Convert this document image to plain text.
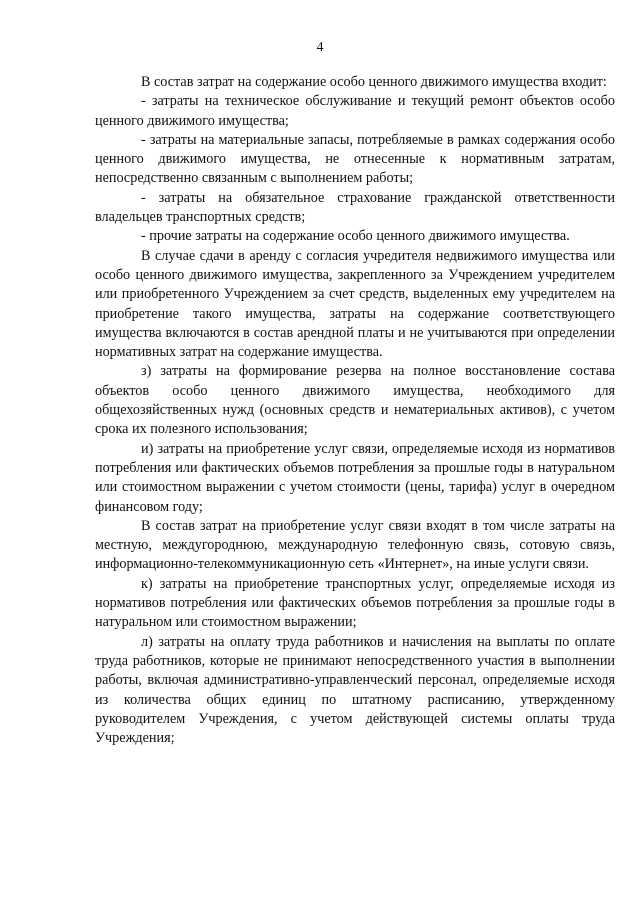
4

В состав затрат на содержание особо ценного движимого имущества входит:

- затраты на техническое обслуживание и текущий ремонт объектов особо ценного движимого имущества;

- затраты на материальные запасы, потребляемые в рамках содержания особо ценного движимого имущества, не отнесенные к нормативным затратам, непосредственно связанным с выполнением работы;

- затраты на обязательное страхование гражданской ответственности владельцев транспортных средств;

- прочие затраты на содержание особо ценного движимого имущества.

В случае сдачи в аренду с согласия учредителя недвижимого имущества или особо ценного движимого имущества, закрепленного за Учреждением учредителем или приобретенного Учреждением за счет средств, выделенных ему учредителем на приобретение такого имущества, затраты на содержание соответствующего имущества включаются в состав арендной платы и не учитываются при определении нормативных затрат на содержание имущества.

з) затраты на формирование резерва на полное восстановление состава объектов особо ценного движимого имущества, необходимого для общехозяйственных нужд (основных средств и нематериальных активов), с учетом срока их полезного использования;

и) затраты на приобретение услуг связи, определяемые исходя из нормативов потребления или фактических объемов потребления за прошлые годы в натуральном или стоимостном выражении с учетом стоимости (цены, тарифа) услуг в очередном финансовом году;

В состав затрат на приобретение услуг связи входят в том числе затраты на местную, междугороднюю, международную телефонную связь, сотовую связь, информационно-телекоммуникационную сеть «Интернет», на иные услуги связи.

к) затраты на приобретение транспортных услуг, определяемые исходя из нормативов потребления или фактических объемов потребления за прошлые годы в натуральном или стоимостном выражении;

л) затраты на оплату труда работников и начисления на выплаты по оплате труда работников, которые не принимают непосредственного участия в выполнении работы, включая административно-управленческий персонал, определяемые исходя из количества общих единиц по штатному расписанию, утвержденному руководителем Учреждения, с учетом действующей системы оплаты труда Учреждения;
